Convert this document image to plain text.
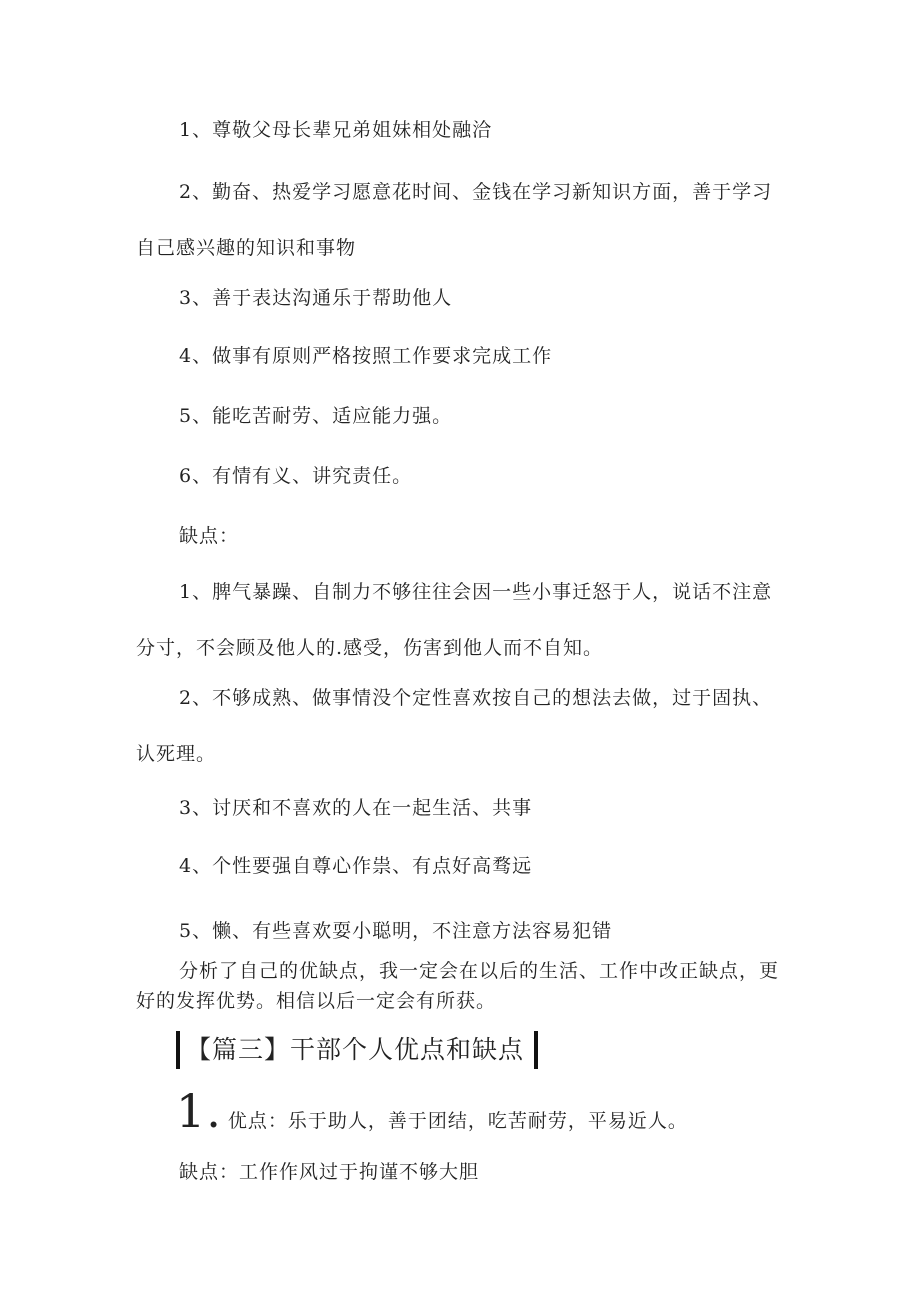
1、尊敬父母长辈兄弟姐妹相处融洽

2、勤奋、热爱学习愿意花时间、金钱在学习新知识方面，善于学习自己感兴趣的知识和事物

3、善于表达沟通乐于帮助他人

4、做事有原则严格按照工作要求完成工作

5、能吃苦耐劳、适应能力强。

6、有情有义、讲究责任。

缺点：

1、脾气暴躁、自制力不够往往会因一些小事迁怒于人，说话不注意分寸，不会顾及他人的.感受，伤害到他人而不自知。

2、不够成熟、做事情没个定性喜欢按自己的想法去做，过于固执、认死理。

3、讨厌和不喜欢的人在一起生活、共事

4、个性要强自尊心作祟、有点好高骛远

5、懒、有些喜欢耍小聪明，不注意方法容易犯错

分析了自己的优缺点，我一定会在以后的生活、工作中改正缺点，更好的发挥优势。相信以后一定会有所获。

【篇三】干部个人优点和缺点
1. 优点：乐于助人，善于团结，吃苦耐劳，平易近人。

缺点：工作作风过于拘谨不够大胆
